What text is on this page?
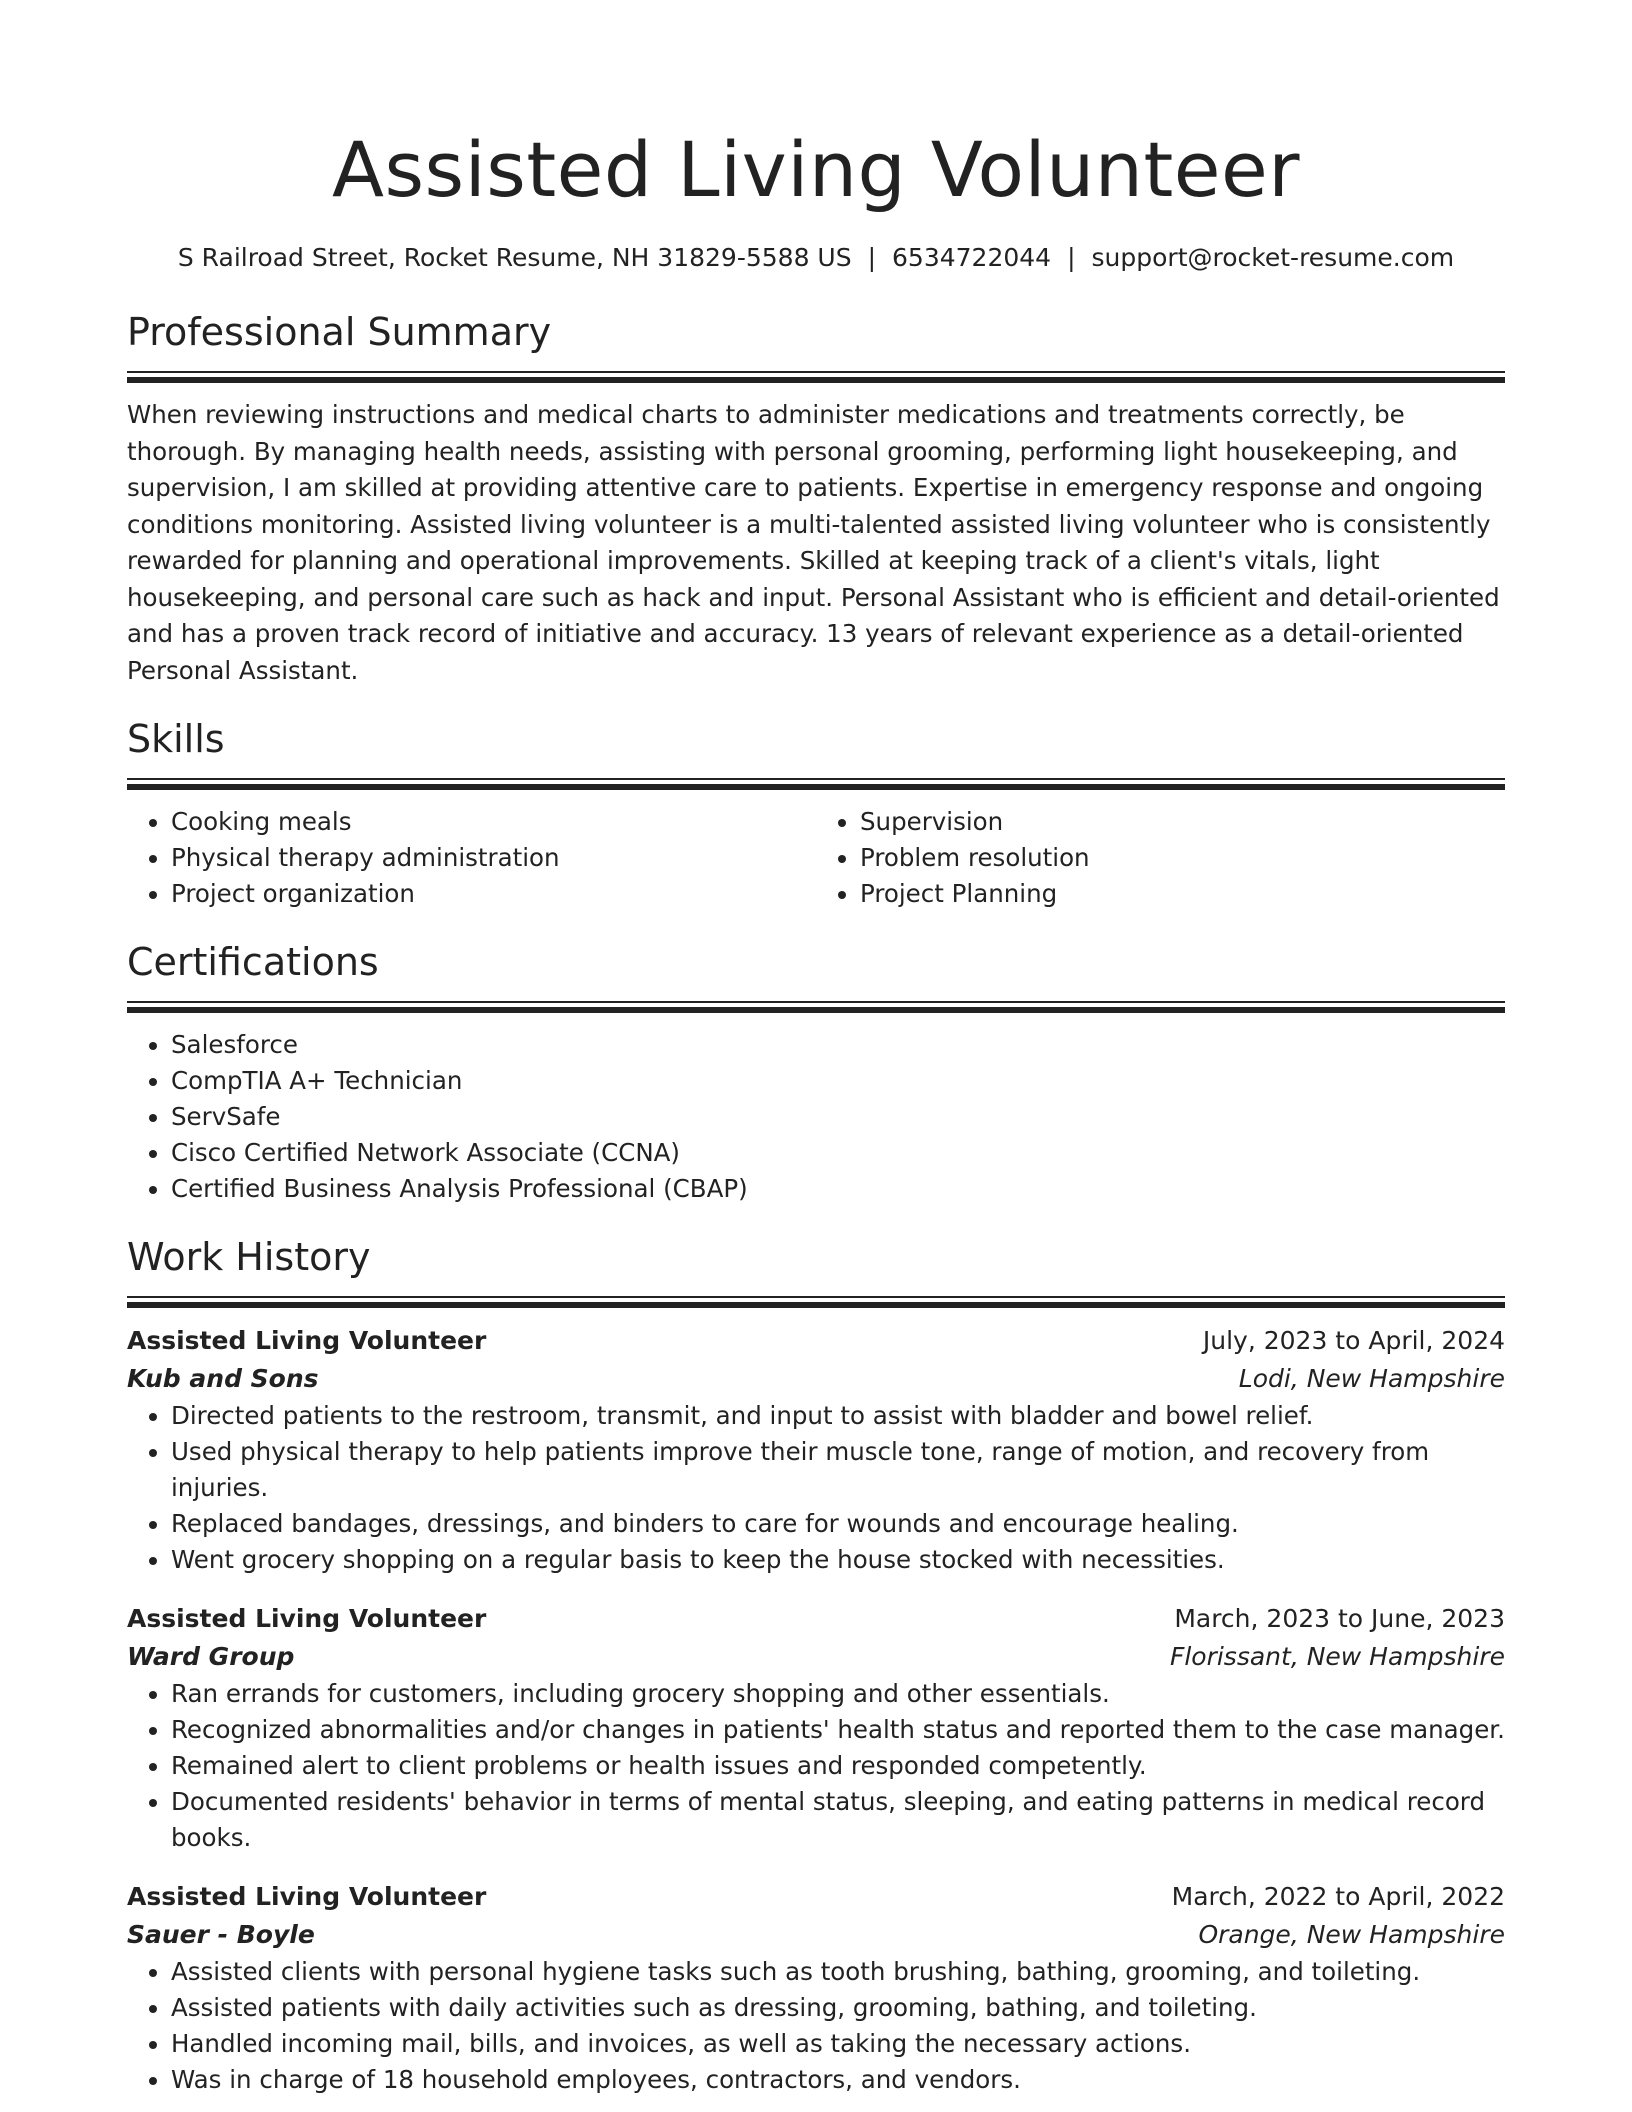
Assisted Living Volunteer
S Railroad Street, Rocket Resume, NH 31829-5588 US | 6534722044 | support@rocket-resume.com
Professional Summary

When reviewing instructions and medical charts to administer medications and treatments correctly, be thorough. By managing health needs, assisting with personal grooming, performing light housekeeping, and supervision, I am skilled at providing attentive care to patients. Expertise in emergency response and ongoing conditions monitoring. Assisted living volunteer is a multi-talented assisted living volunteer who is consistently rewarded for planning and operational improvements. Skilled at keeping track of a client's vitals, light housekeeping, and personal care such as hack and input. Personal Assistant who is efficient and detail-oriented and has a proven track record of initiative and accuracy. 13 years of relevant experience as a detail-oriented Personal Assistant.

Skills
• Cooking meals
• Physical therapy administration
• Project organization
• Supervision
• Problem resolution
• Project Planning
Certifications
• Salesforce
• CompTIA A+ Technician
• ServSafe
• Cisco Certified Network Associate (CCNA)
• Certified Business Analysis Professional (CBAP)
Work History
Assisted Living Volunteer	July, 2023 to April, 2024
Kub and Sons	Lodi, New Hampshire
• Directed patients to the restroom, transmit, and input to assist with bladder and bowel relief.
• Used physical therapy to help patients improve their muscle tone, range of motion, and recovery from injuries.
• Replaced bandages, dressings, and binders to care for wounds and encourage healing.
• Went grocery shopping on a regular basis to keep the house stocked with necessities.
Assisted Living Volunteer	March, 2023 to June, 2023
Ward Group	Florissant, New Hampshire
• Ran errands for customers, including grocery shopping and other essentials.
• Recognized abnormalities and/or changes in patients' health status and reported them to the case manager.
• Remained alert to client problems or health issues and responded competently.
• Documented residents' behavior in terms of mental status, sleeping, and eating patterns in medical record books.
Assisted Living Volunteer	March, 2022 to April, 2022
Sauer - Boyle	Orange, New Hampshire
• Assisted clients with personal hygiene tasks such as tooth brushing, bathing, grooming, and toileting.
• Assisted patients with daily activities such as dressing, grooming, bathing, and toileting.
• Handled incoming mail, bills, and invoices, as well as taking the necessary actions.
• Was in charge of 18 household employees, contractors, and vendors.
